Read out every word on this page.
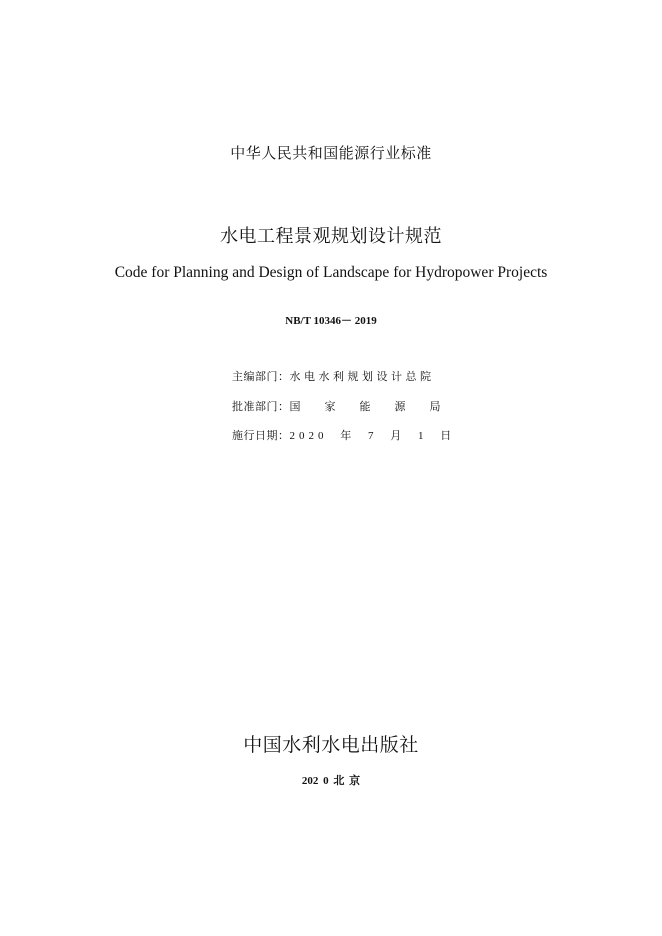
中华人民共和国能源行业标准
水电工程景观规划设计规范
Code for Planning and Design of Landscape for Hydropower Projects
NB/T 10346－ 2019
主编部门：水电水利规划设计总院
批准部门：国家能源局
施行日期：2020 年 7 月 1 日
中国水利水电出版社
202 0 北 京
